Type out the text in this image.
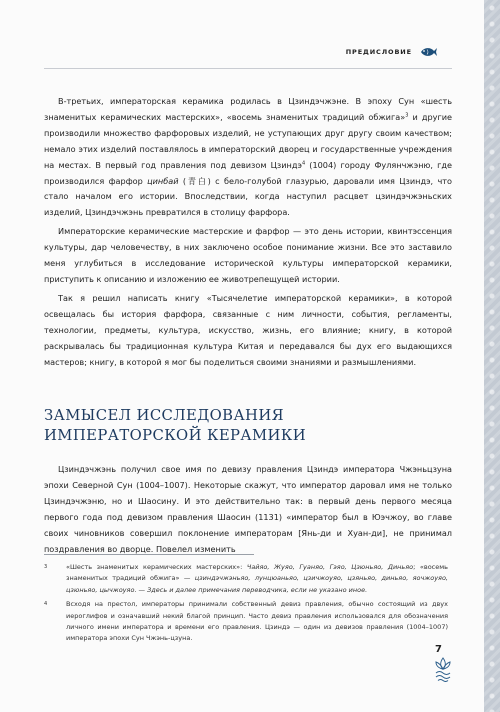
ПРЕДИСЛОВИЕ

В-третьих, императорская керамика родилась в Цзиндэчжэне. В эпоху Сун «шесть знаменитых керамических мастерских», «восемь знаменитых традиций обжига»$^3$ и другие производили множество фарфоровых изделий, не уступающих друг другу своим качеством; немало этих изделий поставлялось в императорский дворец и государственные учреждения на местах. В первый год правления под девизом Цзиндэ$^4$ (1004) городу Фулянчжэню, где производился фарфор цинбай (青白) с бело-голубой глазурью, даровали имя Цзиндэ, что стало началом его истории. Впоследствии, когда наступил расцвет цзиндэчжэньских изделий, Цзиндэчжэнь превратился в столицу фарфора.

Императорские керамические мастерские и фарфор — это день истории, квинтэссенция культуры, дар человечеству, в них заключено особое понимание жизни. Все это заставило меня углубиться в исследование исторической культуры императорской керамики, приступить к описанию и изложению ее животрепещущей истории.

Так я решил написать книгу «Тысячелетие императорской керамики», в которой освещалась бы история фарфора, связанные с ним личности, события, регламенты, технологии, предметы, культура, искусство, жизнь, его влияние; книгу, в которой раскрывалась бы традиционная культура Китая и передавался бы дух его выдающихся мастеров; книгу, в которой я мог бы поделиться своими знаниями и размышлениями.

ЗАМЫСЕЛ ИССЛЕДОВАНИЯ
ИМПЕРАТОРСКОЙ КЕРАМИКИ

Цзиндэчжэнь получил свое имя по девизу правления Цзиндэ императора Чжэньцзуна эпохи Северной Сун (1004–1007). Некоторые скажут, что император даровал имя не только Цзиндэчжэню, но и Шаосину. И это действительно так: в первый день первого месяца первого года под девизом правления Шаосин (1131) «император был в Юэчжоу, во главе своих чиновников совершил поклонение императорам [Янь-ди и Хуан-ди], не принимал поздравления во дворце. Повелел изменить

3	«Шесть знаменитых керамических мастерских»: Чайяо, Жуяо, Гуаняо, Гэяо, Цзюньяо, Диньяо; «восемь знаменитых традиций обжига» — цзиндэчжэньяо, лунцюаньяо, цзичжоуяо, цзяньяо, диньяо, яочжоуяо, цзюньяо, цычжоуяо. — Здесь и далее примечания переводчика, если не указано иное.
4	Всходя на престол, императоры принимали собственный девиз правления, обычно состоящий из двух иероглифов и означавший некий благой принцип. Часто девиз правления использовался для обозначения личного имени императора и времени его правления. Цзиндэ — один из девизов правления (1004–1007) императора эпохи Сун Чжэнь-цзуна.
7
